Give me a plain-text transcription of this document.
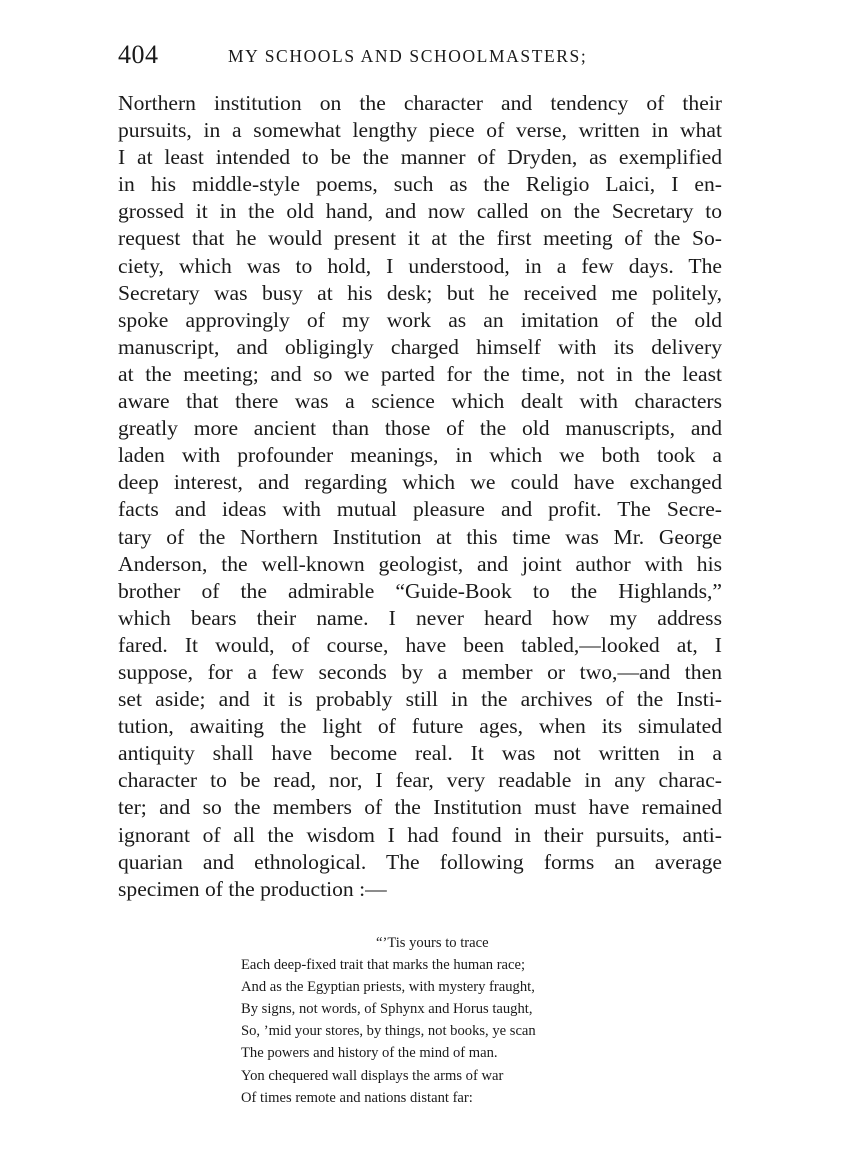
404	MY SCHOOLS AND SCHOOLMASTERS;
Northern institution on the character and tendency of their
pursuits, in a somewhat lengthy piece of verse, written in what
I at least intended to be the manner of Dryden, as exemplified
in his middle-style poems, such as the Religio Laici, I en-
grossed it in the old hand, and now called on the Secretary to
request that he would present it at the first meeting of the So-
ciety, which was to hold, I understood, in a few days. The
Secretary was busy at his desk; but he received me politely,
spoke approvingly of my work as an imitation of the old
manuscript, and obligingly charged himself with its delivery
at the meeting; and so we parted for the time, not in the least
aware that there was a science which dealt with characters
greatly more ancient than those of the old manuscripts, and
laden with profounder meanings, in which we both took a
deep interest, and regarding which we could have exchanged
facts and ideas with mutual pleasure and profit. The Secre-
tary of the Northern Institution at this time was Mr. George
Anderson, the well-known geologist, and joint author with his
brother of the admirable “Guide-Book to the Highlands,”
which bears their name. I never heard how my address
fared. It would, of course, have been tabled,—looked at, I
suppose, for a few seconds by a member or two,—and then
set aside; and it is probably still in the archives of the Insti-
tution, awaiting the light of future ages, when its simulated
antiquity shall have become real. It was not written in a
character to be read, nor, I fear, very readable in any charac-
ter; and so the members of the Institution must have remained
ignorant of all the wisdom I had found in their pursuits, anti-
quarian and ethnological. The following forms an average
specimen of the production :—
“’Tis yours to trace
Each deep-fixed trait that marks the human race;
And as the Egyptian priests, with mystery fraught,
By signs, not words, of Sphynx and Horus taught,
So, ’mid your stores, by things, not books, ye scan
The powers and history of the mind of man.
Yon chequered wall displays the arms of war
Of times remote and nations distant far:
